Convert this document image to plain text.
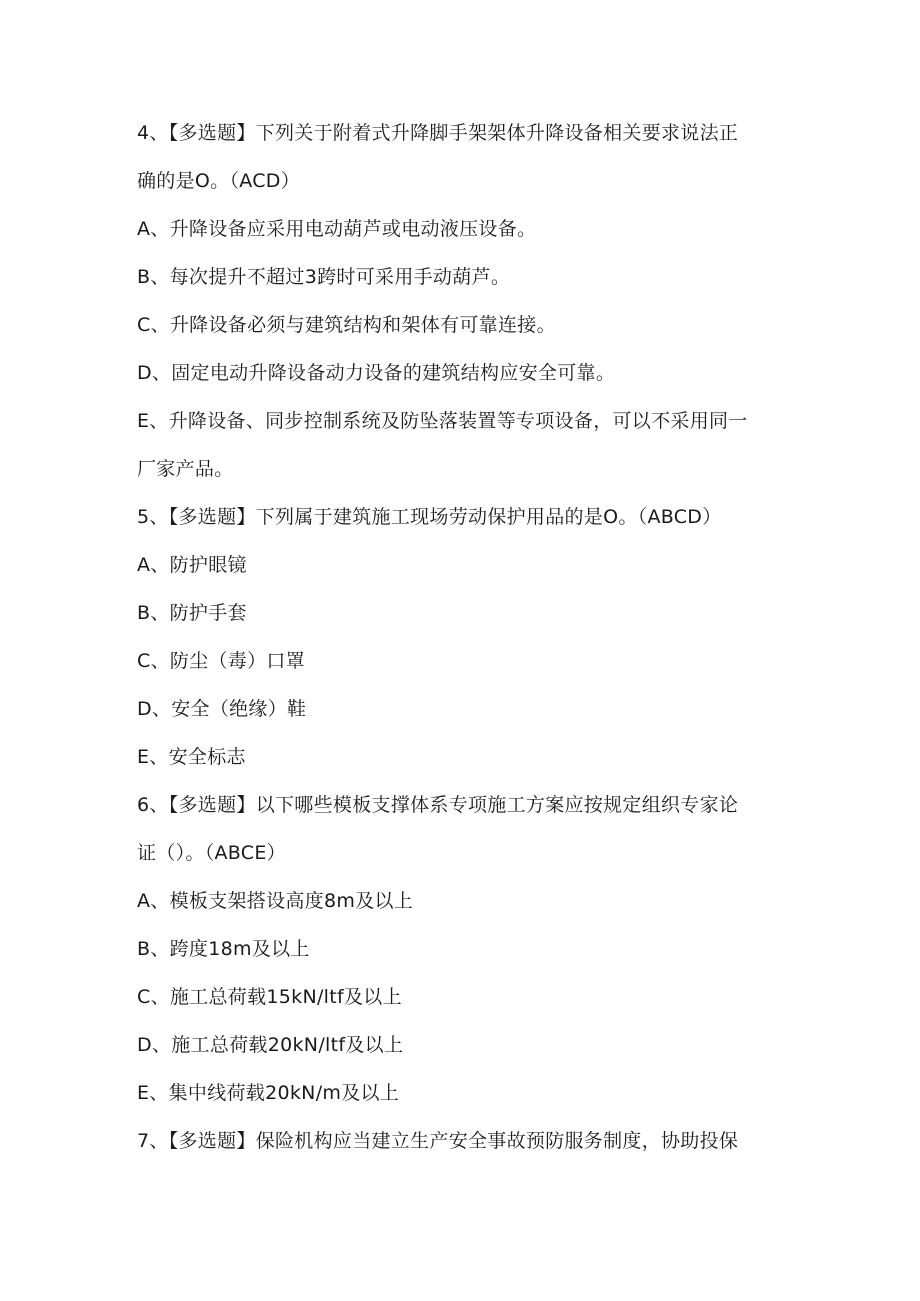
4、【多选题】下列关于附着式升降脚手架架体升降设备相关要求说法正
确的是O。（ACD）
A、升降设备应采用电动葫芦或电动液压设备。
B、每次提升不超过3跨时可采用手动葫芦。
C、升降设备必须与建筑结构和架体有可靠连接。
D、固定电动升降设备动力设备的建筑结构应安全可靠。
E、升降设备、同步控制系统及防坠落装置等专项设备，可以不采用同一
厂家产品。
5、【多选题】下列属于建筑施工现场劳动保护用品的是O。（ABCD）
A、防护眼镜
B、防护手套
C、防尘（毒）口罩
D、安全（绝缘）鞋
E、安全标志
6、【多选题】以下哪些模板支撑体系专项施工方案应按规定组织专家论
证（）。（ABCE）
A、模板支架搭设高度8m及以上
B、跨度18m及以上
C、施工总荷载15kN/ltf及以上
D、施工总荷载20kN/ltf及以上
E、集中线荷载20kN/m及以上
7、【多选题】保险机构应当建立生产安全事故预防服务制度，协助投保
